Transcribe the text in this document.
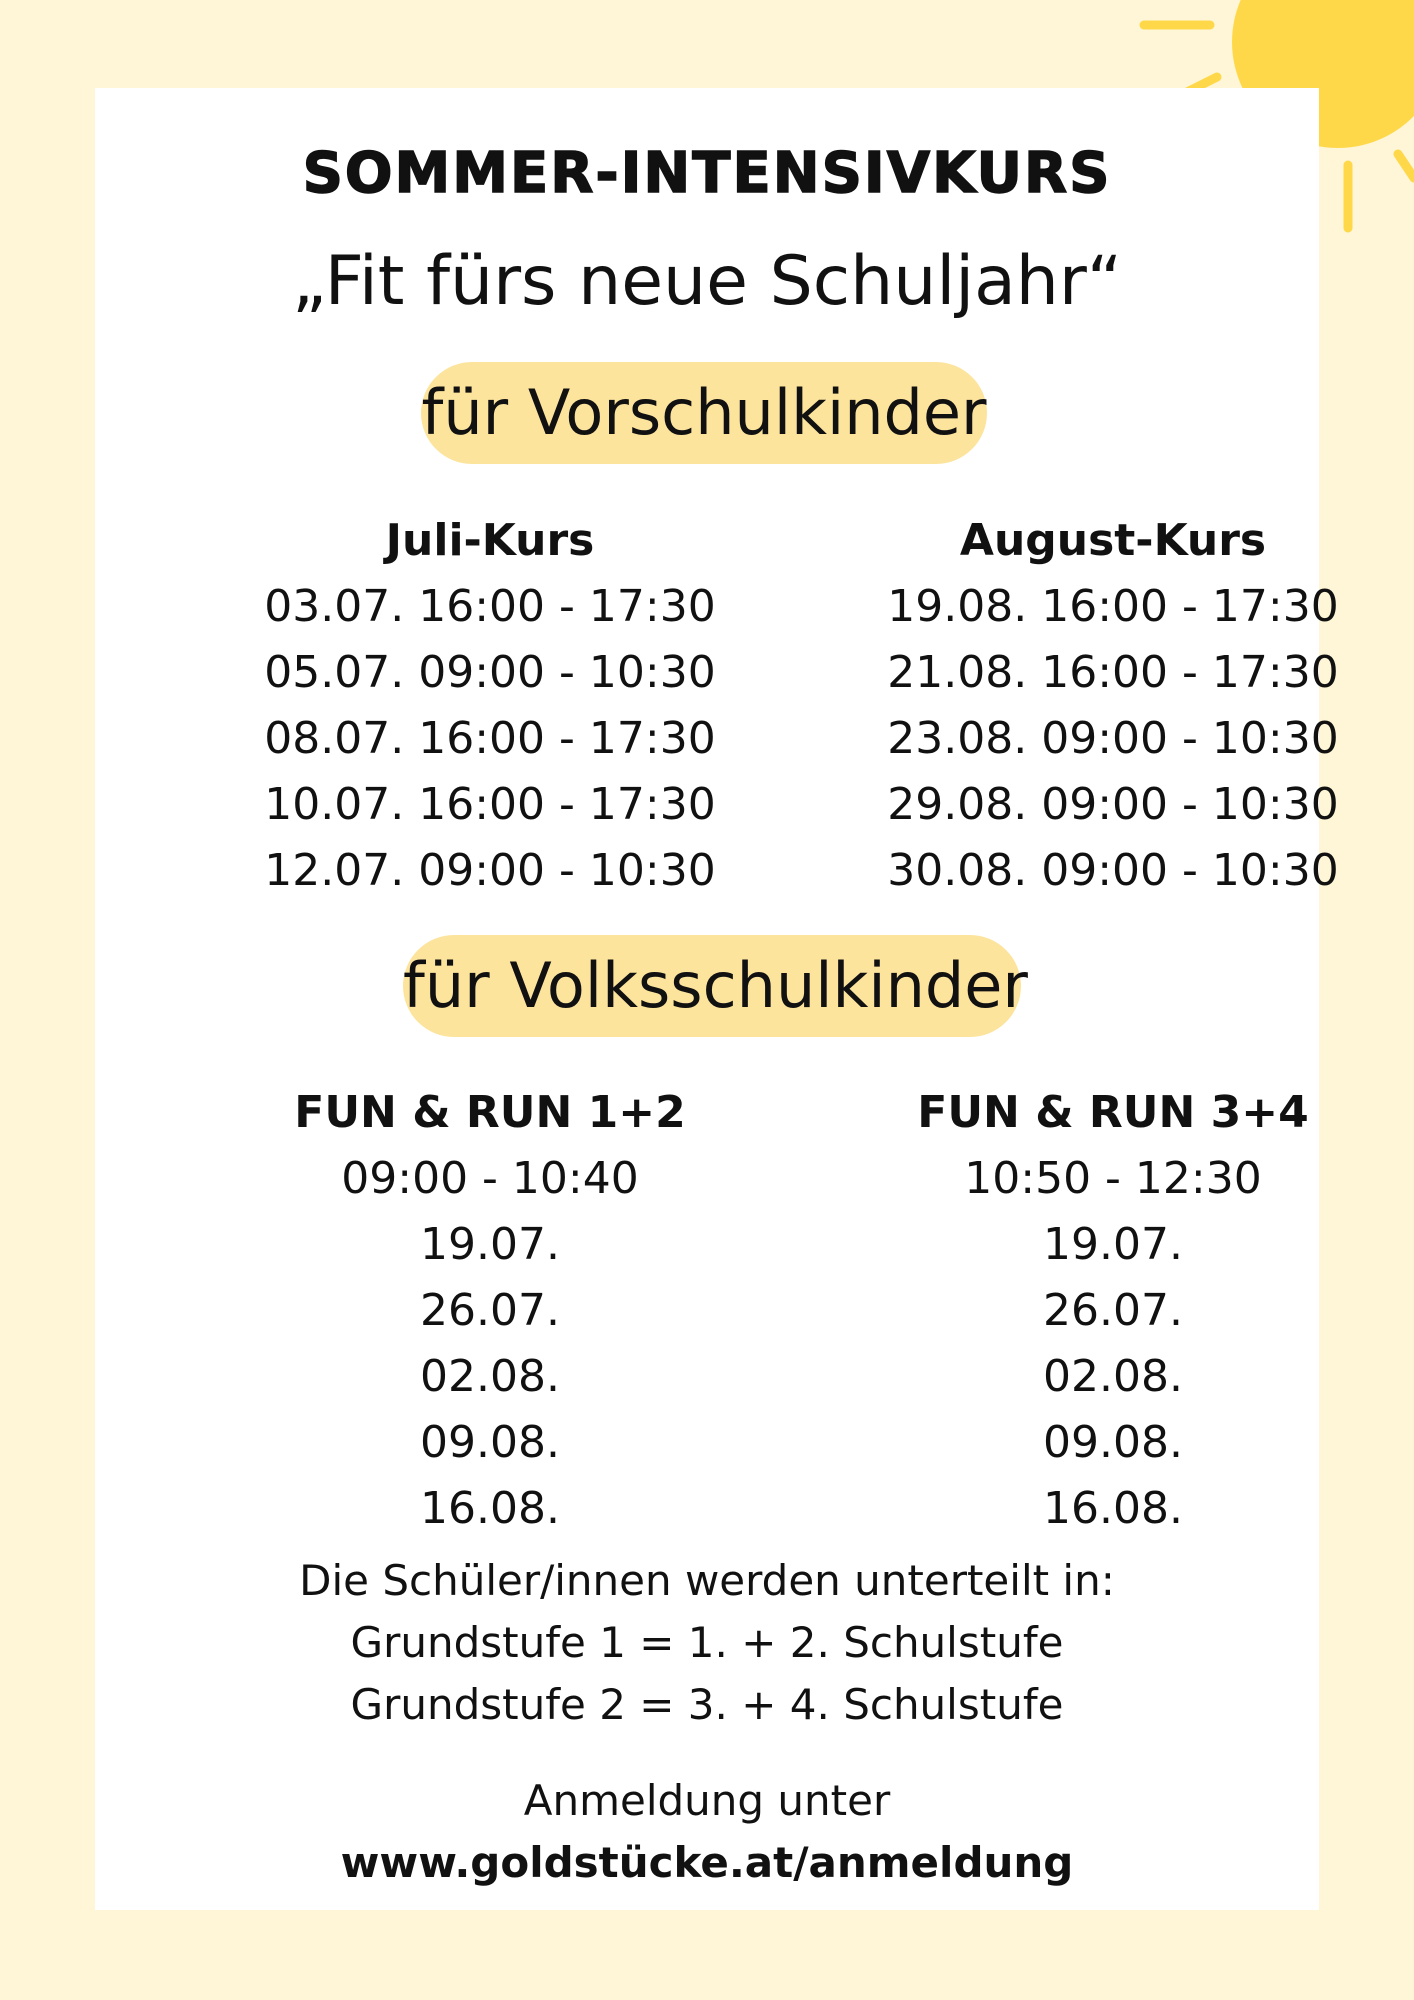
SOMMER-INTENSIVKURS
„Fit fürs neue Schuljahr“
für Vorschulkinder
Juli-Kurs
03.07. 16:00 - 17:30
05.07. 09:00 - 10:30
08.07. 16:00 - 17:30
10.07. 16:00 - 17:30
12.07. 09:00 - 10:30
August-Kurs
19.08. 16:00 - 17:30
21.08. 16:00 - 17:30
23.08. 09:00 - 10:30
29.08. 09:00 - 10:30
30.08. 09:00 - 10:30
für Volksschulkinder
FUN & RUN 1+2
09:00 - 10:40
19.07.
26.07.
02.08.
09.08.
16.08.
FUN & RUN 3+4
10:50 - 12:30
19.07.
26.07.
02.08.
09.08.
16.08.
Die Schüler/innen werden unterteilt in:
Grundstufe 1 = 1. + 2. Schulstufe
Grundstufe 2 = 3. + 4. Schulstufe
Anmeldung unter
www.goldstücke.at/anmeldung
